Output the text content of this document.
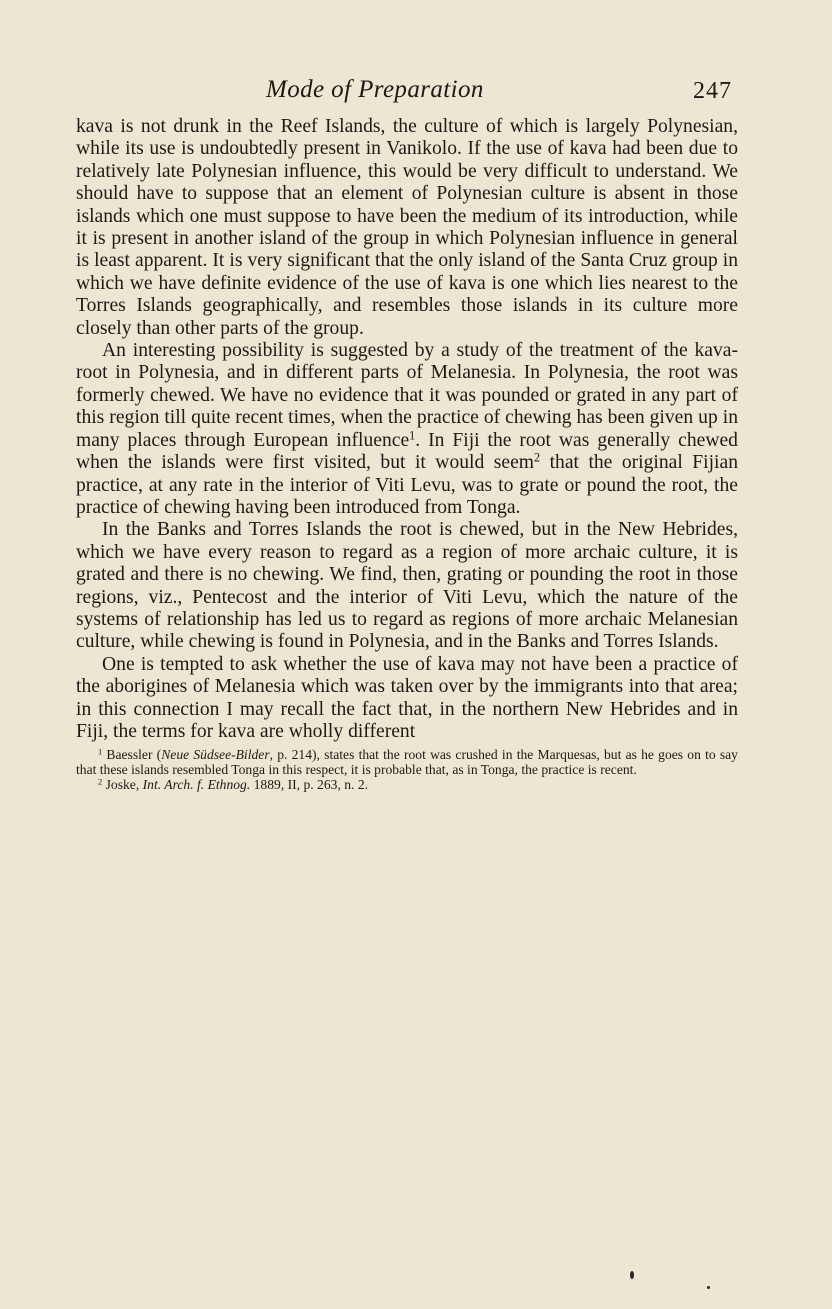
Mode of Preparation	247

kava is not drunk in the Reef Islands, the culture of which is largely Polynesian, while its use is undoubtedly present in Vanikolo. If the use of kava had been due to relatively late Polynesian influence, this would be very difficult to understand. We should have to suppose that an element of Polynesian culture is absent in those islands which one must suppose to have been the medium of its introduction, while it is present in another island of the group in which Polynesian influence in general is least apparent. It is very significant that the only island of the Santa Cruz group in which we have definite evidence of the use of kava is one which lies nearest to the Torres Islands geographically, and resembles those islands in its culture more closely than other parts of the group.

An interesting possibility is suggested by a study of the treatment of the kava-root in Polynesia, and in different parts of Melanesia. In Polynesia, the root was formerly chewed. We have no evidence that it was pounded or grated in any part of this region till quite recent times, when the practice of chewing has been given up in many places through European influence$^1$. In Fiji the root was generally chewed when the islands were first visited, but it would seem$^2$ that the original Fijian practice, at any rate in the interior of Viti Levu, was to grate or pound the root, the practice of chewing having been introduced from Tonga.

In the Banks and Torres Islands the root is chewed, but in the New Hebrides, which we have every reason to regard as a region of more archaic culture, it is grated and there is no chewing. We find, then, grating or pounding the root in those regions, viz., Pentecost and the interior of Viti Levu, which the nature of the systems of relationship has led us to regard as regions of more archaic Melanesian culture, while chewing is found in Polynesia, and in the Banks and Torres Islands.

One is tempted to ask whether the use of kava may not have been a practice of the aborigines of Melanesia which was taken over by the immigrants into that area; in this connection I may recall the fact that, in the northern New Hebrides and in Fiji, the terms for kava are wholly different

$^1$ Baessler (Neue Südsee-Bilder, p. 214), states that the root was crushed in the Marquesas, but as he goes on to say that these islands resembled Tonga in this respect, it is probable that, as in Tonga, the practice is recent.

$^2$ Joske, Int. Arch. f. Ethnog. 1889, II, p. 263, n. 2.
